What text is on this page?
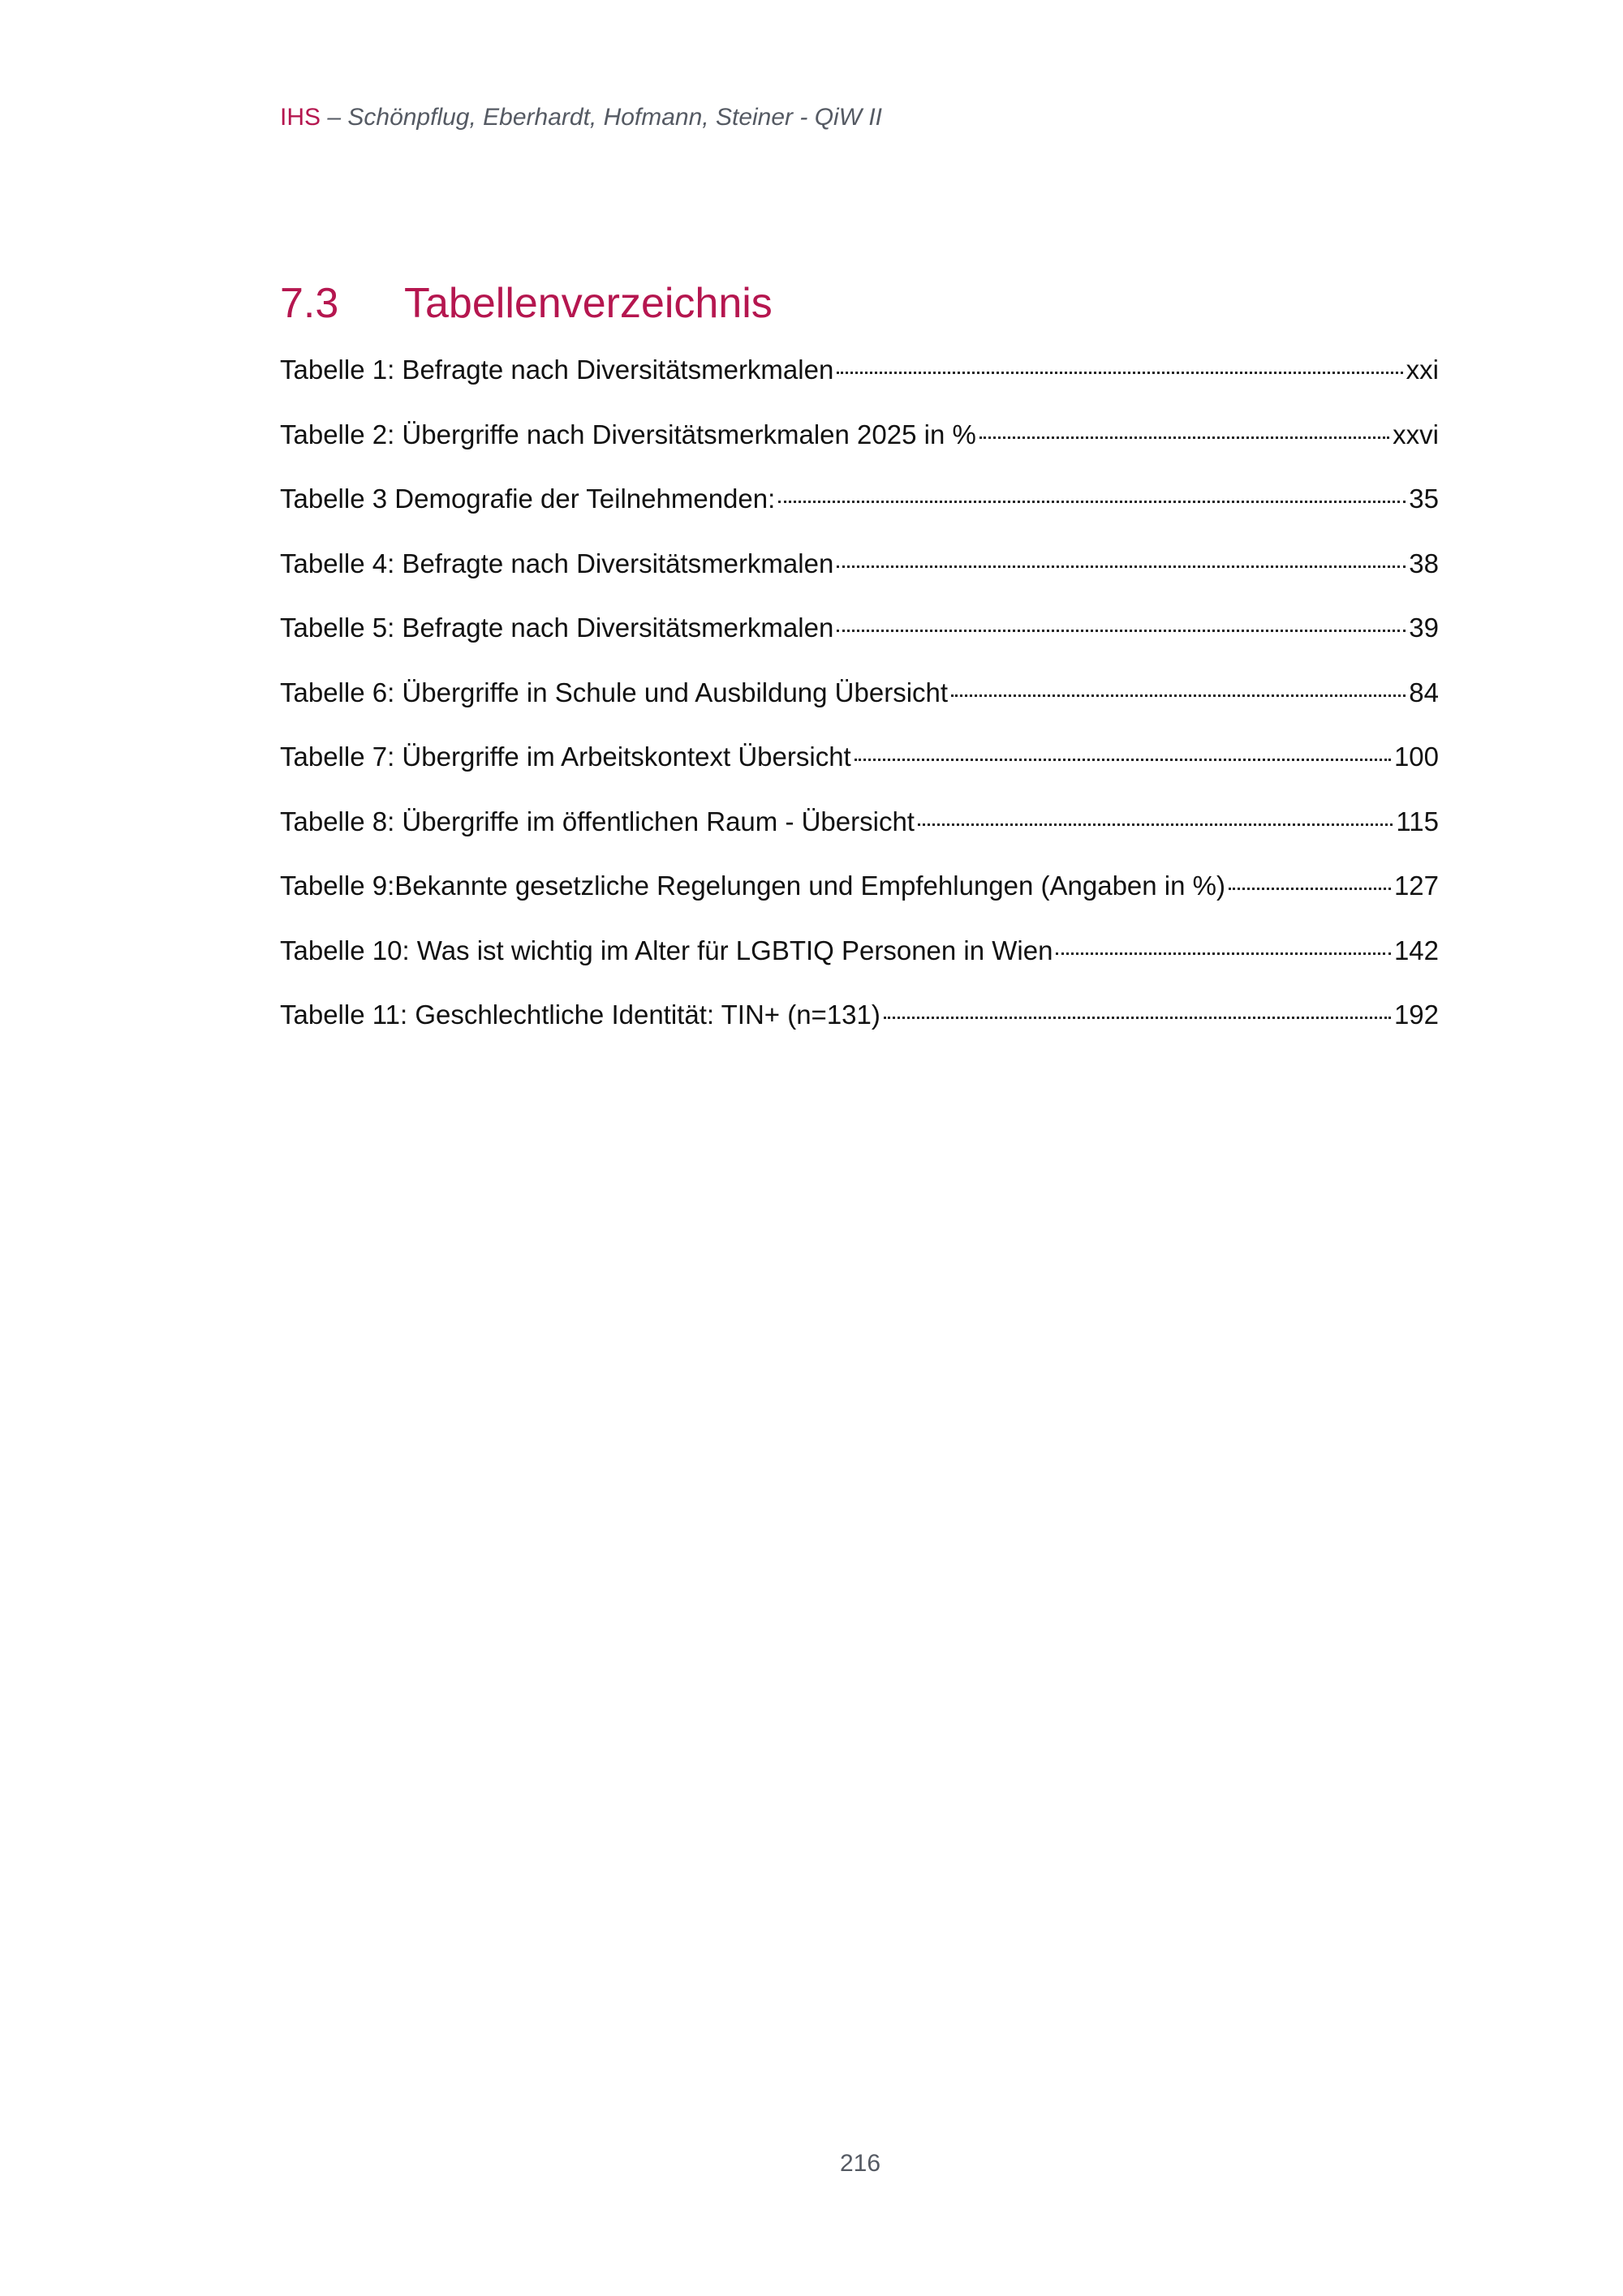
IHS – Schönpflug, Eberhardt, Hofmann, Steiner - QiW II
7.3 Tabellenverzeichnis
Tabelle 1: Befragte nach Diversitätsmerkmalen	xxi
Tabelle 2: Übergriffe nach Diversitätsmerkmalen 2025 in %	xxvi
Tabelle 3 Demografie der Teilnehmenden:	35
Tabelle 4: Befragte nach Diversitätsmerkmalen	38
Tabelle 5: Befragte nach Diversitätsmerkmalen	39
Tabelle 6: Übergriffe in Schule und Ausbildung Übersicht	84
Tabelle 7: Übergriffe im Arbeitskontext Übersicht	100
Tabelle 8: Übergriffe im öffentlichen Raum - Übersicht	115
Tabelle 9:Bekannte gesetzliche Regelungen und Empfehlungen (Angaben in %)	127
Tabelle 10: Was ist wichtig im Alter für LGBTIQ Personen in Wien	142
Tabelle 11: Geschlechtliche Identität: TIN+ (n=131)	192
216
